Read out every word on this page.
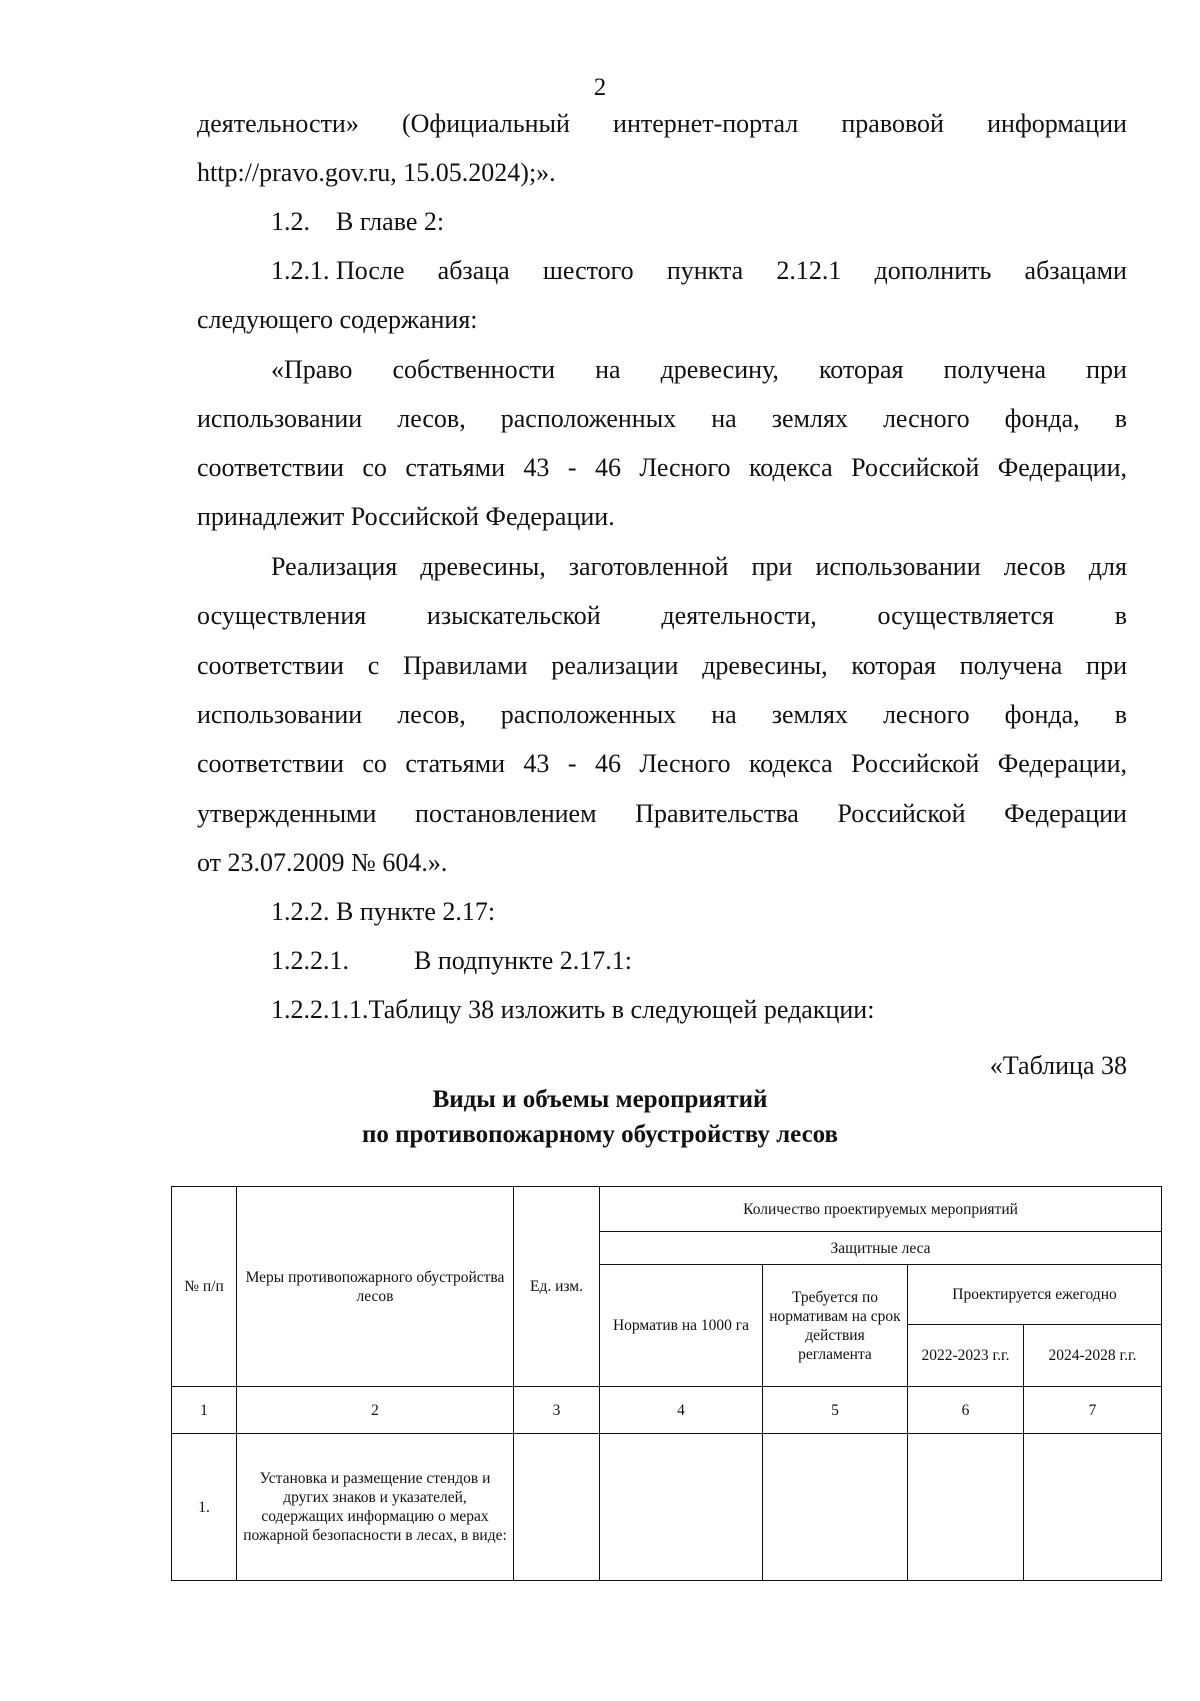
2
деятельности» (Официальный интернет-портал правовой информации
http://pravo.gov.ru, 15.05.2024);».
1.2.    В главе 2:
1.2.1. После абзаца шестого пункта 2.12.1 дополнить абзацами
следующего содержания:
«Право собственности на древесину, которая получена при
использовании лесов, расположенных на землях лесного фонда, в
соответствии со статьями 43 - 46 Лесного кодекса Российской Федерации,
принадлежит Российской Федерации.
Реализация древесины, заготовленной при использовании лесов для
осуществления изыскательской деятельности, осуществляется в
соответствии с Правилами реализации древесины, которая получена при
использовании лесов, расположенных на землях лесного фонда, в
соответствии со статьями 43 - 46 Лесного кодекса Российской Федерации,
утвержденными постановлением Правительства Российской Федерации
от 23.07.2009 № 604.».
1.2.2. В пункте 2.17:
1.2.2.1.          В подпункте 2.17.1:
1.2.2.1.1.Таблицу 38 изложить в следующей редакции:
«Таблица 38
Виды и объемы мероприятий
по противопожарному обустройству лесов
№ п/п	Меры противопожарного обустройства лесов	Ед. изм.	Количество проектируемых мероприятий			
			Защитные леса			
			Норматив на 1000 га	Требуется по нормативам на срок действия регламента	Проектируется ежегодно	
					2022-2023 г.г.	2024-2028 г.г.
1	2	3	4	5	6	7
1.	Установка и размещение стендов и других знаков и указателей, содержащих информацию о мерах пожарной безопасности в лесах, в виде:					
